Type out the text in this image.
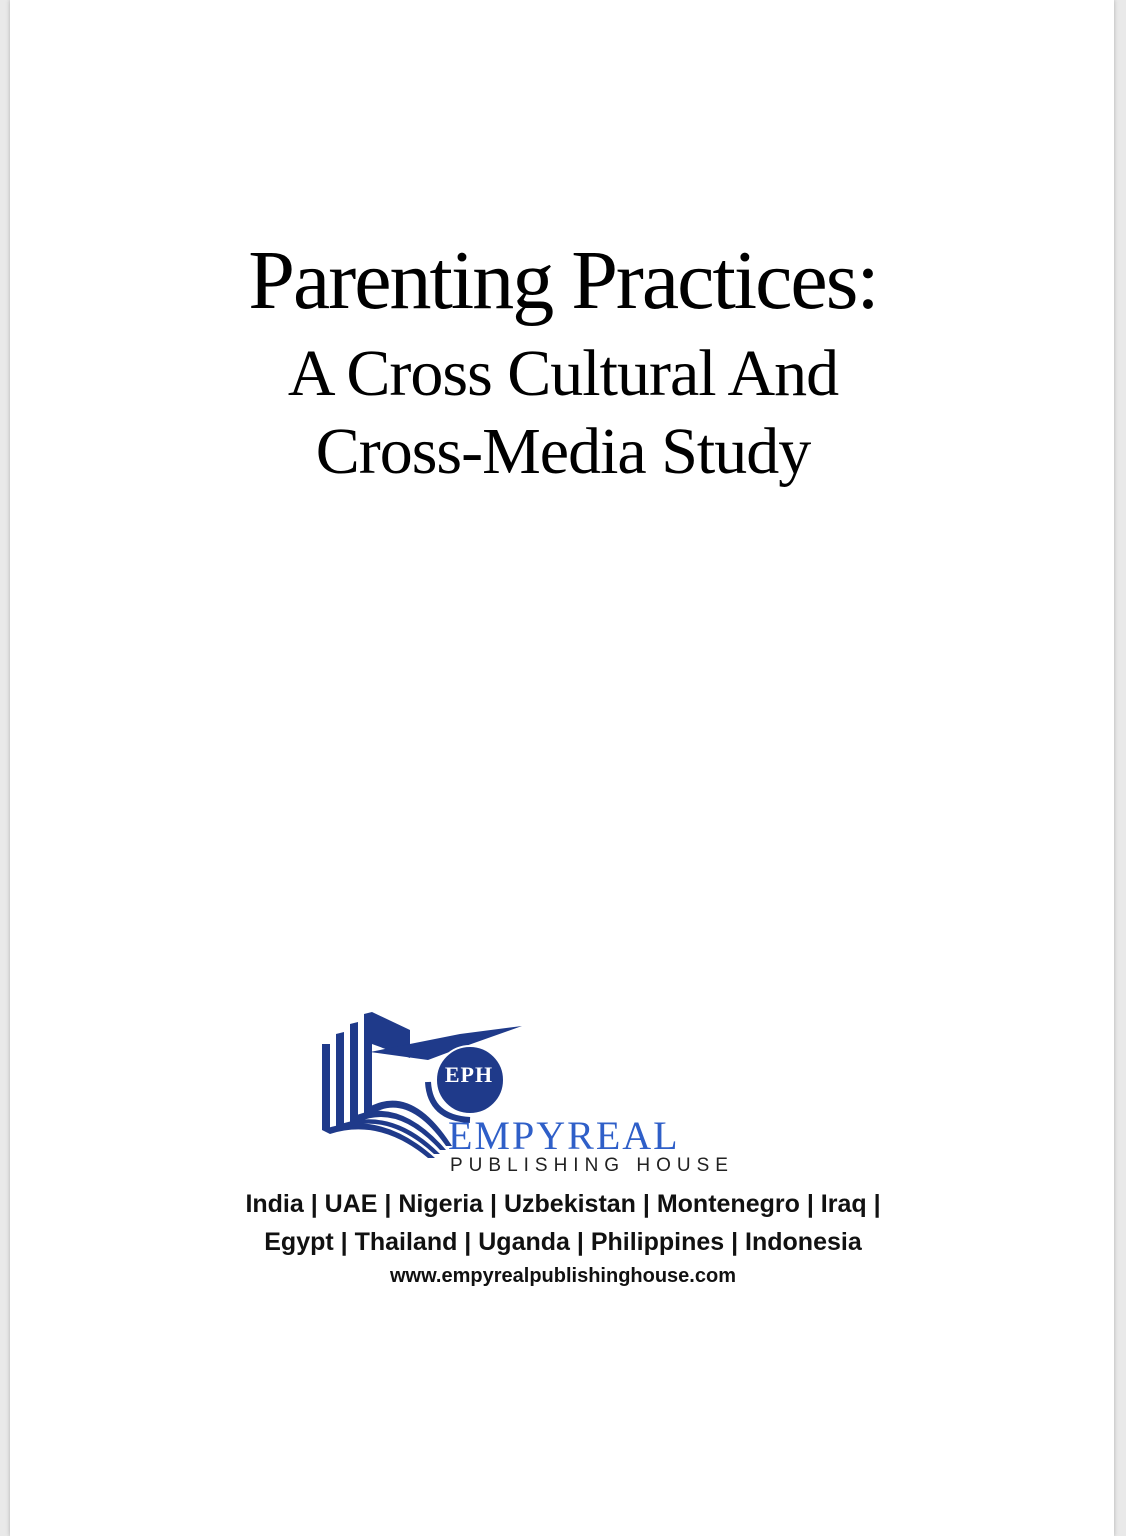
Parenting Practices:
A Cross Cultural And
Cross-Media Study
EPH
EMPYREAL
PUBLISHING HOUSE
India | UAE | Nigeria | Uzbekistan | Montenegro | Iraq |
Egypt | Thailand | Uganda | Philippines | Indonesia
www.empyrealpublishinghouse.com
